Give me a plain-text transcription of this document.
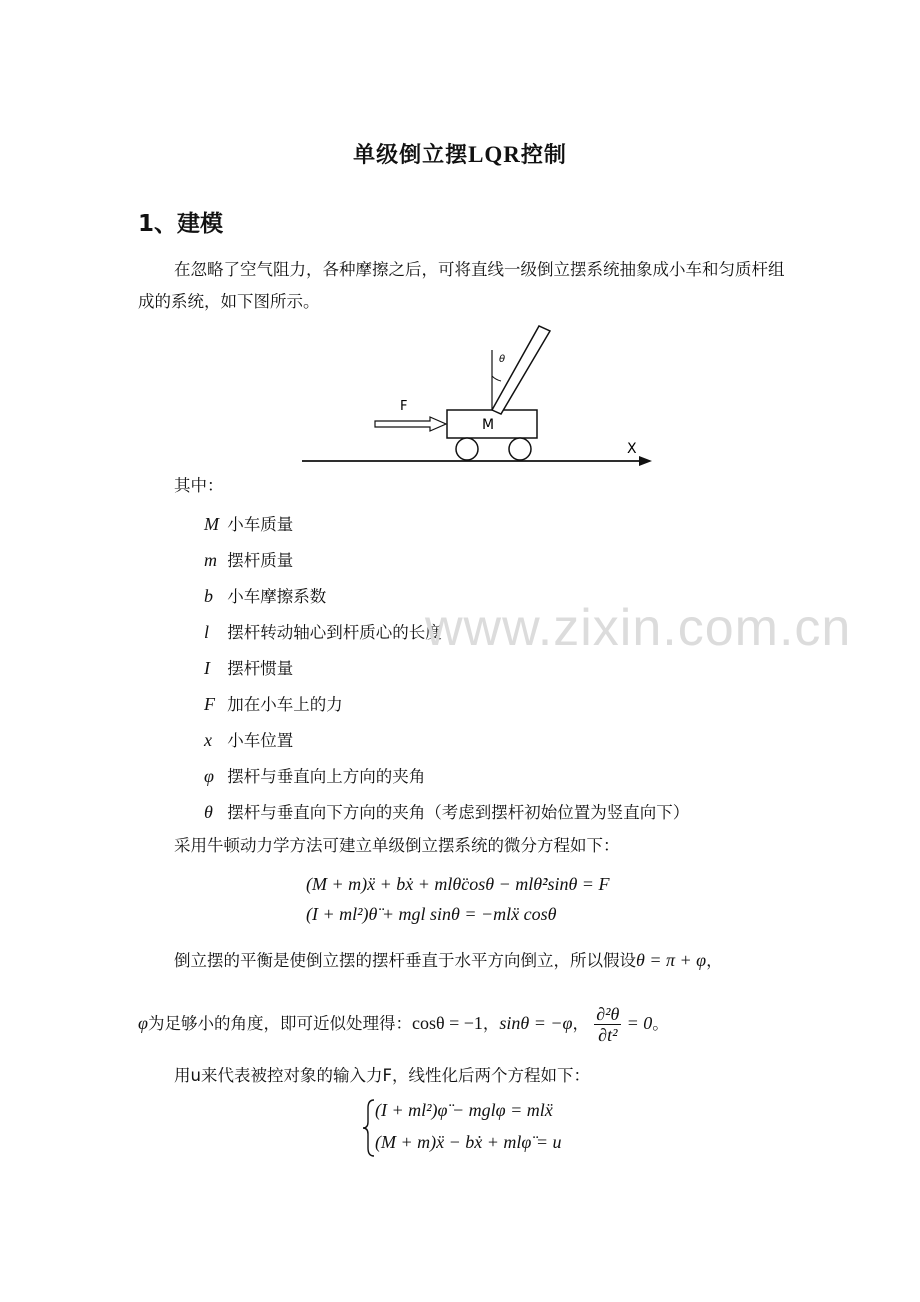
单级倒立摆LQR控制
1、建模
在忽略了空气阻力，各种摩擦之后，可将直线一级倒立摆系统抽象成小车和匀质杆组成的系统，如下图所示。
X
M
F
θ
其中：
M 小车质量
m 摆杆质量
b 小车摩擦系数
l 摆杆转动轴心到杆质心的长度
I 摆杆惯量
F 加在小车上的力
x 小车位置
φ 摆杆与垂直向上方向的夹角
θ 摆杆与垂直向下方向的夹角（考虑到摆杆初始位置为竖直向下）
www.zixin.com.cn
采用牛顿动力学方法可建立单级倒立摆系统的微分方程如下：
(M + m)ẍ + bẋ + mlθ̈cosθ − mlθ̇²sinθ = F
(I + ml²)θ̈ + mgl sinθ = −mlẍ cosθ
倒立摆的平衡是使倒立摆的摆杆垂直于水平方向倒立，所以假设θ = π + φ，
φ为足够小的角度，即可近似处理得：cosθ = −1，sinθ = −φ， $\frac{\text{∂²θ}}{\text{∂t²}} = 0$。
用u来代表被控对象的输入力F，线性化后两个方程如下：
(I + ml²)φ̈ − mglφ = mlẍ
(M + m)ẍ − bẋ + mlφ̈ = u
